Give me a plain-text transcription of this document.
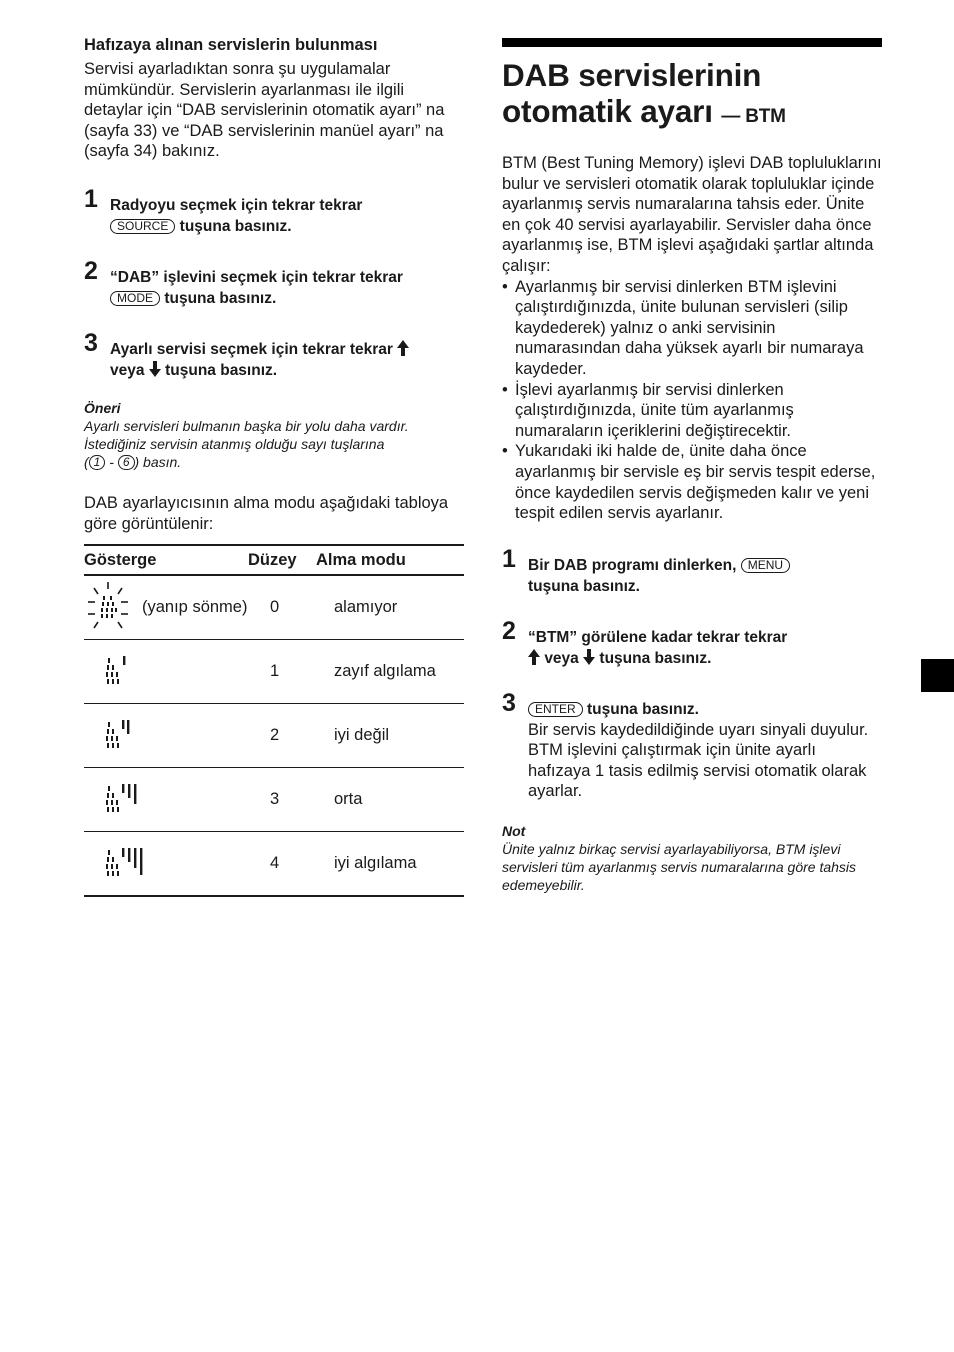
Hafızaya alınan servislerin bulunması
Servisi ayarladıktan sonra şu uygulamalar mümkündür. Servislerin ayarlanması ile ilgili detaylar için “DAB servislerinin otomatik ayarı” na (sayfa 33) ve “DAB servislerinin manüel ayarı” na (sayfa 34) bakınız.
1 Radyoyu seçmek için tekrar tekrar
SOURCE tuşuna basınız.
2 “DAB” işlevini seçmek için tekrar tekrar
MODE tuşuna basınız.
3 Ayarlı servisi seçmek için tekrar tekrar

veya tuşuna basınız.
Öneri
Ayarlı servisleri bulmanın başka bir yolu daha vardır. İstediğiniz servisin atanmış olduğu sayı tuşlarına
( 1 - 6 ) basın.
DAB ayarlayıcısının alma modu aşağıdaki tabloya göre görüntülenir:
Gösterge	Düzey	Alma modu

(yanıp sönme)	0	alamıyor

	1	zayıf algılama

	2	iyi değil

	3	orta

	4	iyi algılama
DAB servislerinin
otomatik ayarı — BTM
BTM (Best Tuning Memory) işlevi DAB topluluklarını bulur ve servisleri otomatik olarak topluluklar içinde ayarlanmış servis numaralarına tahsis eder. Ünite en çok 40 servisi ayarlayabilir. Servisler daha önce ayarlanmış ise, BTM işlevi aşağıdaki şartlar altında çalışır:
• Ayarlanmış bir servisi dinlerken BTM işlevini çalıştırdığınızda, ünite bulunan servisleri (silip kaydederek) yalnız o anki servisinin numarasından daha yüksek ayarlı bir numaraya kaydeder.
• İşlevi ayarlanmış bir servisi dinlerken çalıştırdığınızda, ünite tüm ayarlanmış numaraların içeriklerini değiştirecektir.
• Yukarıdaki iki halde de, ünite daha önce ayarlanmış bir servisle eş bir servis tespit ederse, önce kaydedilen servis değişmeden kalır ve yeni tespit edilen servis ayarlanır.
1 Bir DAB programı dinlerken, MENU
tuşuna basınız.
2 “BTM” görülene kadar tekrar tekrar

veya tuşuna basınız.
3 ENTER tuşuna basınız.
Bir servis kaydedildiğinde uyarı sinyali duyulur.
BTM işlevini çalıştırmak için ünite ayarlı hafızaya 1 tasis edilmiş servisi otomatik olarak ayarlar.
Not
Ünite yalnız birkaç servisi ayarlayabiliyorsa, BTM işlevi servisleri tüm ayarlanmış servis numaralarına göre tahsis edemeyebilir.
